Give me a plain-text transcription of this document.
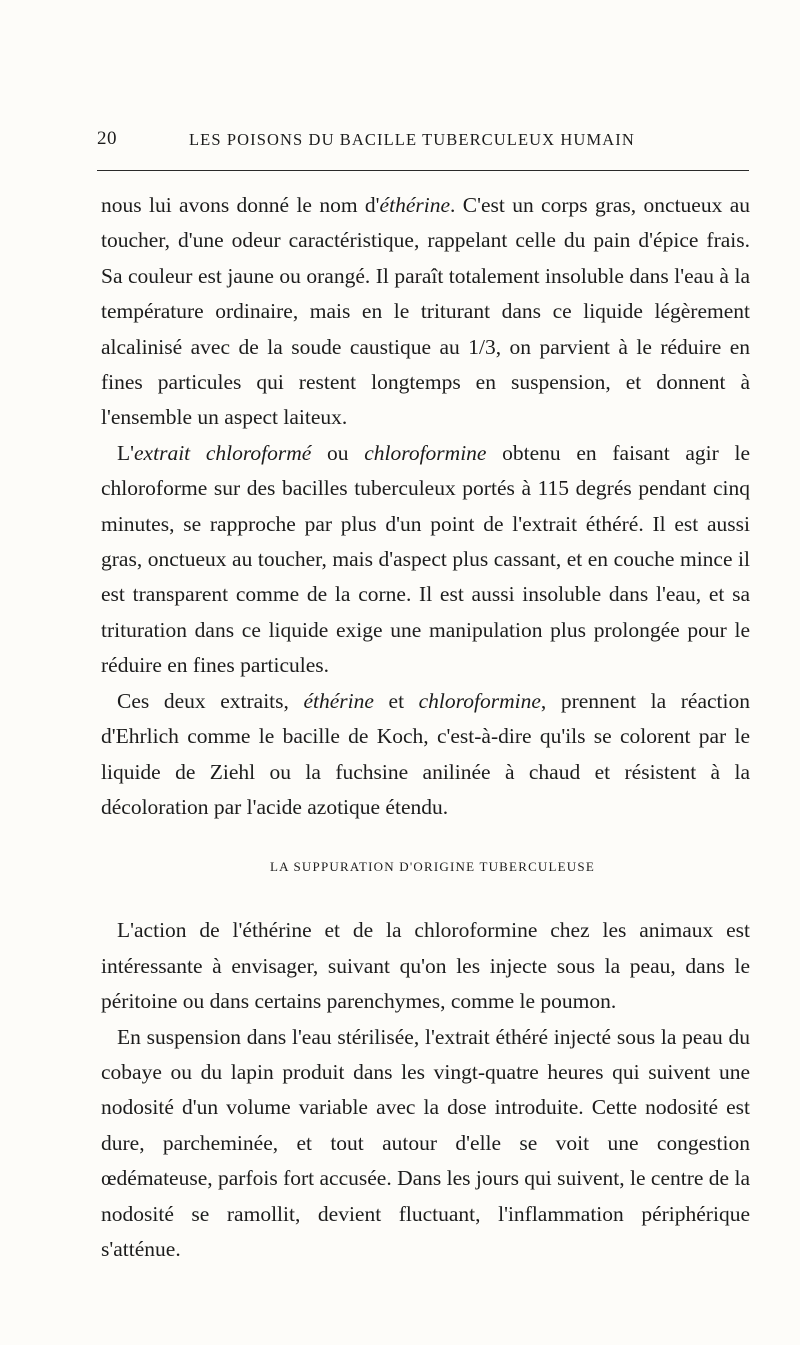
20	LES POISONS DU BACILLE TUBERCULEUX HUMAIN

nous lui avons donné le nom d'éthérine. C'est un corps gras, onctueux au toucher, d'une odeur caractéristique, rappelant celle du pain d'épice frais. Sa couleur est jaune ou orangé. Il paraît totalement insoluble dans l'eau à la température ordinaire, mais en le triturant dans ce liquide légèrement alcalinisé avec de la soude caustique au 1/3, on parvient à le réduire en fines particules qui restent longtemps en suspension, et donnent à l'ensemble un aspect laiteux.

L'extrait chloroformé ou chloroformine obtenu en faisant agir le chloroforme sur des bacilles tuberculeux portés à 115 degrés pendant cinq minutes, se rapproche par plus d'un point de l'extrait éthéré. Il est aussi gras, onctueux au toucher, mais d'aspect plus cassant, et en couche mince il est transparent comme de la corne. Il est aussi insoluble dans l'eau, et sa trituration dans ce liquide exige une manipulation plus prolongée pour le réduire en fines particules.

Ces deux extraits, éthérine et chloroformine, prennent la réaction d'Ehrlich comme le bacille de Koch, c'est-à-dire qu'ils se colorent par le liquide de Ziehl ou la fuchsine anilinée à chaud et résistent à la décoloration par l'acide azotique étendu.

LA SUPPURATION D'ORIGINE TUBERCULEUSE

L'action de l'éthérine et de la chloroformine chez les animaux est intéressante à envisager, suivant qu'on les injecte sous la peau, dans le péritoine ou dans certains parenchymes, comme le poumon.

En suspension dans l'eau stérilisée, l'extrait éthéré injecté sous la peau du cobaye ou du lapin produit dans les vingt-quatre heures qui suivent une nodosité d'un volume variable avec la dose introduite. Cette nodosité est dure, parcheminée, et tout autour d'elle se voit une congestion œdémateuse, parfois fort accusée. Dans les jours qui suivent, le centre de la nodosité se ramollit, devient fluctuant, l'inflammation périphérique s'atténue.
